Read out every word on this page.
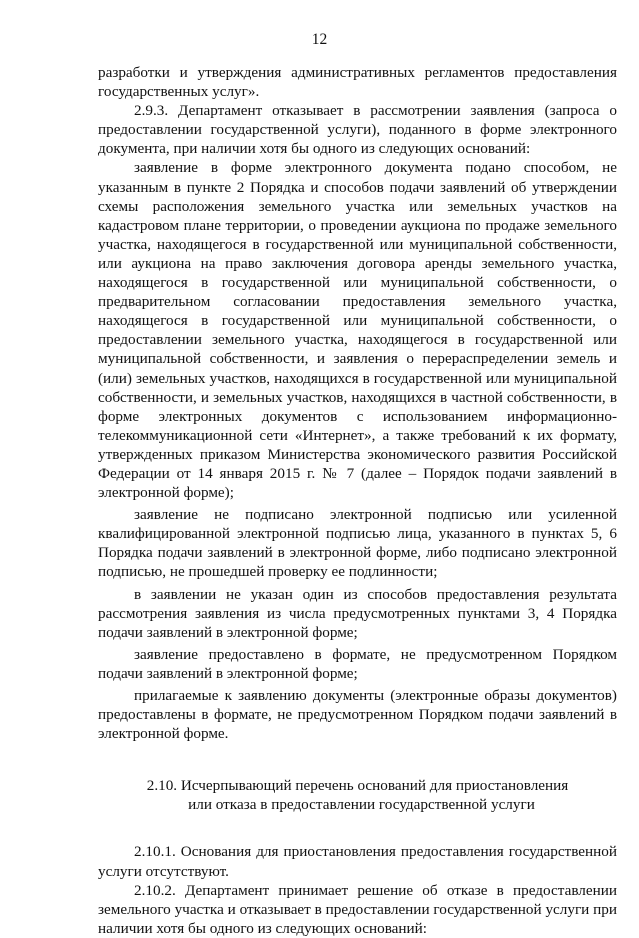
12

разработки и утверждения административных регламентов предоставления государственных услуг».

2.9.3. Департамент отказывает в рассмотрении заявления (запроса о предоставлении государственной услуги), поданного в форме электронного документа, при наличии хотя бы одного из следующих оснований:

заявление в форме электронного документа подано способом, не указанным в пункте 2 Порядка и способов подачи заявлений об утверждении схемы расположения земельного участка или земельных участков на кадастровом плане территории, о проведении аукциона по продаже земельного участка, находящегося в государственной или муниципальной собственности, или аукциона на право заключения договора аренды земельного участка, находящегося в государственной или муниципальной собственности, о предварительном согласовании предоставления земельного участка, находящегося в государственной или муниципальной собственности, о предоставлении земельного участка, находящегося в государственной или муниципальной собственности, и заявления о перераспределении земель и (или) земельных участков, находящихся в государственной или муниципальной собственности, и земельных участков, находящихся в частной собственности, в форме электронных документов с использованием информационно-телекоммуникационной сети «Интернет», а также требований к их формату, утвержденных приказом Министерства экономического развития Российской Федерации от 14 января 2015 г. № 7 (далее – Порядок подачи заявлений в электронной форме);

заявление не подписано электронной подписью или усиленной квалифицированной электронной подписью лица, указанного в пунктах 5, 6 Порядка подачи заявлений в электронной форме, либо подписано электронной подписью, не прошедшей проверку ее подлинности;

в заявлении не указан один из способов предоставления результата рассмотрения заявления из числа предусмотренных пунктами 3, 4 Порядка подачи заявлений в электронной форме;

заявление предоставлено в формате, не предусмотренном Порядком подачи заявлений в электронной форме;

прилагаемые к заявлению документы (электронные образы документов) предоставлены в формате, не предусмотренном Порядком подачи заявлений в электронной форме.

2.10. Исчерпывающий перечень оснований для приостановления
или отказа в предоставлении государственной услуги

2.10.1. Основания для приостановления предоставления государственной услуги отсутствуют.

2.10.2. Департамент принимает решение об отказе в предоставлении земельного участка и отказывает в предоставлении государственной услуги при наличии хотя бы одного из следующих оснований:
